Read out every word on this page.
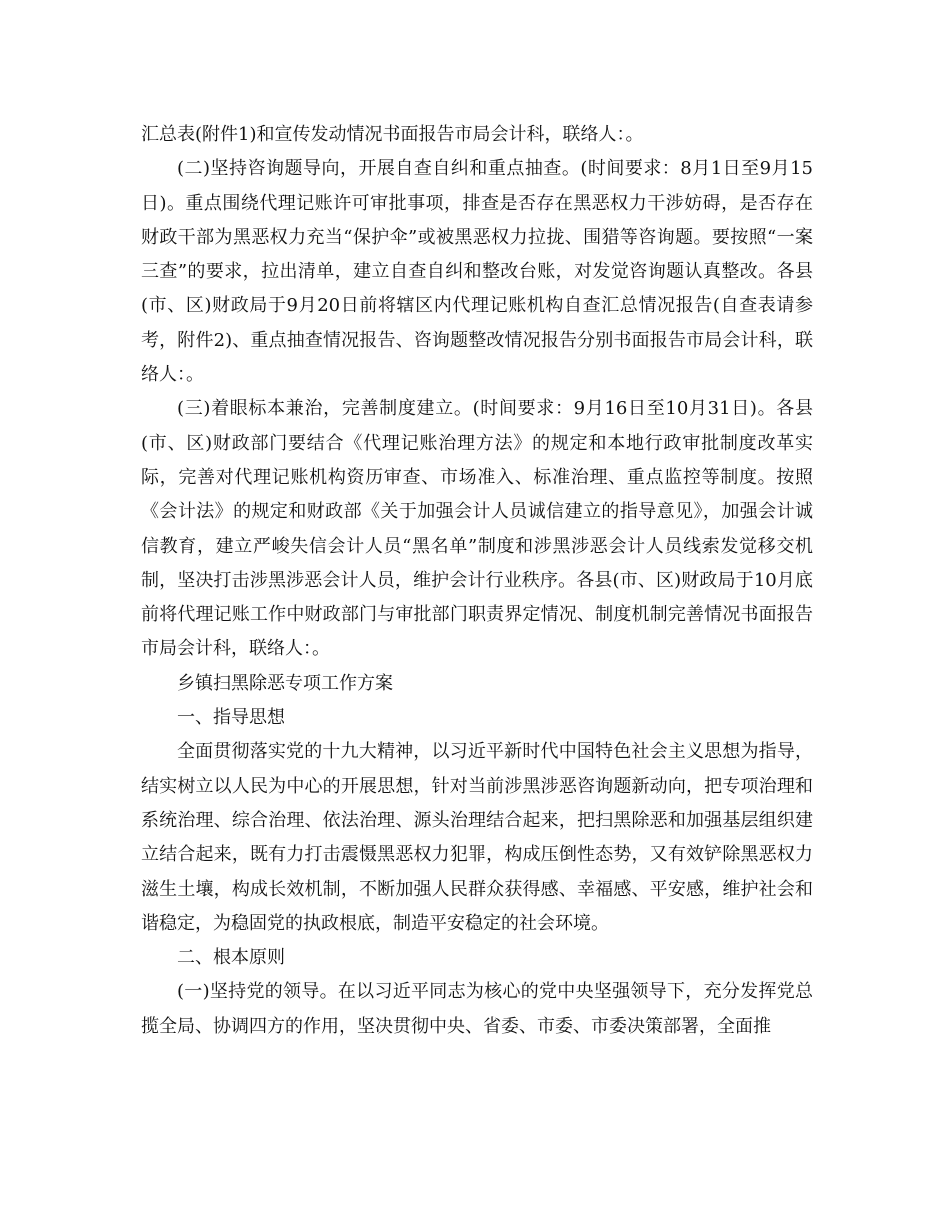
汇总表(附件1)和宣传发动情况书面报告市局会计科，联络人：。

(二)坚持咨询题导向，开展自查自纠和重点抽查。(时间要求：8月1日至9月15日)。重点围绕代理记账许可审批事项，排查是否存在黑恶权力干涉妨碍，是否存在财政干部为黑恶权力充当“保护伞”或被黑恶权力拉拢、围猎等咨询题。要按照“一案三查”的要求，拉出清单，建立自查自纠和整改台账，对发觉咨询题认真整改。各县(市、区)财政局于9月20日前将辖区内代理记账机构自查汇总情况报告(自查表请参考，附件2)、重点抽查情况报告、咨询题整改情况报告分别书面报告市局会计科，联络人：。

(三)着眼标本兼治，完善制度建立。(时间要求：9月16日至10月31日)。各县(市、区)财政部门要结合《代理记账治理方法》的规定和本地行政审批制度改革实际，完善对代理记账机构资历审查、市场准入、标准治理、重点监控等制度。按照《会计法》的规定和财政部《关于加强会计人员诚信建立的指导意见》，加强会计诚信教育，建立严峻失信会计人员“黑名单”制度和涉黑涉恶会计人员线索发觉移交机制，坚决打击涉黑涉恶会计人员，维护会计行业秩序。各县(市、区)财政局于10月底前将代理记账工作中财政部门与审批部门职责界定情况、制度机制完善情况书面报告市局会计科，联络人：。

乡镇扫黑除恶专项工作方案

一、指导思想

全面贯彻落实党的十九大精神，以习近平新时代中国特色社会主义思想为指导，结实树立以人民为中心的开展思想，针对当前涉黑涉恶咨询题新动向，把专项治理和系统治理、综合治理、依法治理、源头治理结合起来，把扫黑除恶和加强基层组织建立结合起来，既有力打击震慑黑恶权力犯罪，构成压倒性态势，又有效铲除黑恶权力滋生土壤，构成长效机制，不断加强人民群众获得感、幸福感、平安感，维护社会和谐稳定，为稳固党的执政根底，制造平安稳定的社会环境。

二、根本原则

(一)坚持党的领导。在以习近平同志为核心的党中央坚强领导下，充分发挥党总揽全局、协调四方的作用，坚决贯彻中央、省委、市委、市委决策部署，全面推
